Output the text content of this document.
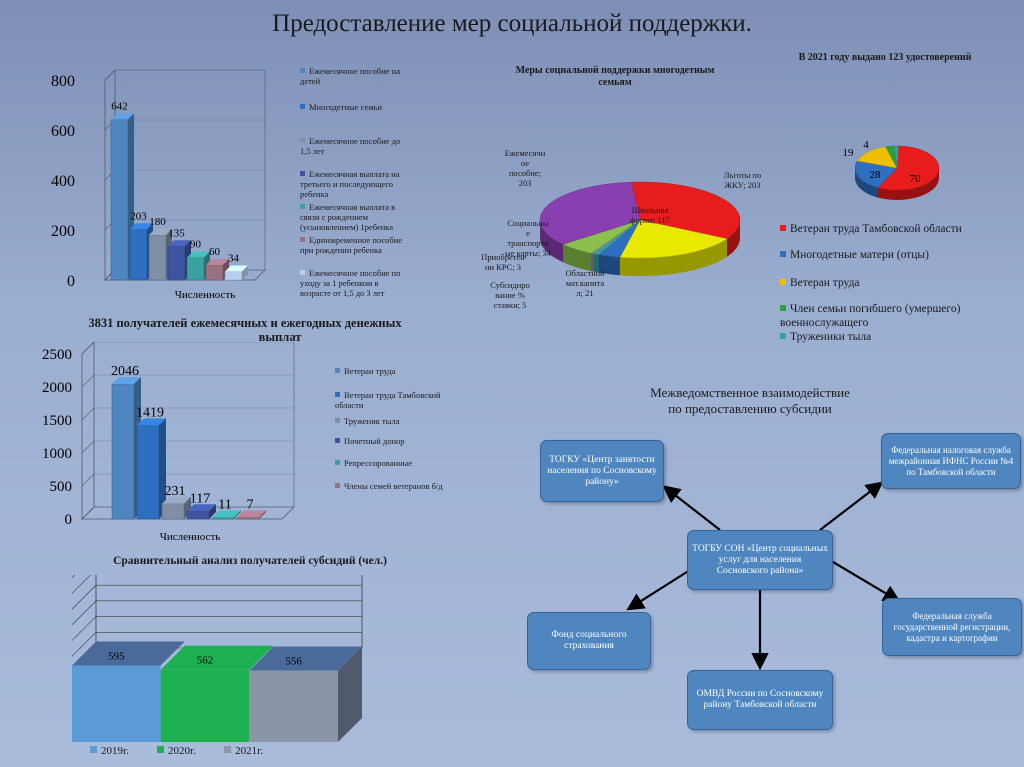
Предоставление мер социальной поддержки.
0
200
400
600
800
642
203 180
135
90
60
34
Численность
Ежемесячное пособие на детей
Многодетные семьи
Ежемесячное пособие до 1,5 лет
Ежемесячная выплата на третьего и последующего ребенка
Ежемесячная выплата в связи с рождением (усыновлением) 1ребенка
Единовременное пособие при рождении ребенка
Ежемесячное пособие по уходу за 1 ребенком в возрасте от 1,5 до 3 лет
3831 получателей ежемесячных и ежегодных денежных
выплат
0
500
1000
1500
2000
2500
2046
1419
231
117 11 7
Численность
Ветеран труда
Ветеран труда Тамбовской области
Труженик тыла
Почетный донор
Репрессированные
Члены семей ветеранов б/д
Меры социальной поддержки многодетным
семьям
Ежемесячн
ое
пособие;
203
Льготы по
ЖКУ; 203
Школьная
форма; 117
Социальны
е
транспортн
ые карты; 34
Приобретен
ни КРС; 3
Субсидиро
вание %
ставки; 5
Областной
мат.капита
л; 21
В 2021 году выдано 123 удостоверений
70
28
19
4
Ветеран труда Тамбовской области
Многодетные матери (отцы)
Ветеран труда
Член семьи погибшего (умершего) военнослужащего
Труженики тыла
Сравнительный анализ получателей субсидий (чел.)
595	562	556
2019г.	2020г.	2021г.
Межведомственное взаимодействие
по предоставлению субсидии
ТОГКУ «Центр занятости населения по Сосновскому району»
Федеральная налоговая служба межрайонная ИФНС России №4 по Тамбовской области
ТОГБУ СОН «Центр социальных услуг для населения Сосновского района»
Фонд социального страхования
Федеральная служба государственной регистрации, кадастра и картографии
ОМВД России по Сосновскому району Тамбовской области
